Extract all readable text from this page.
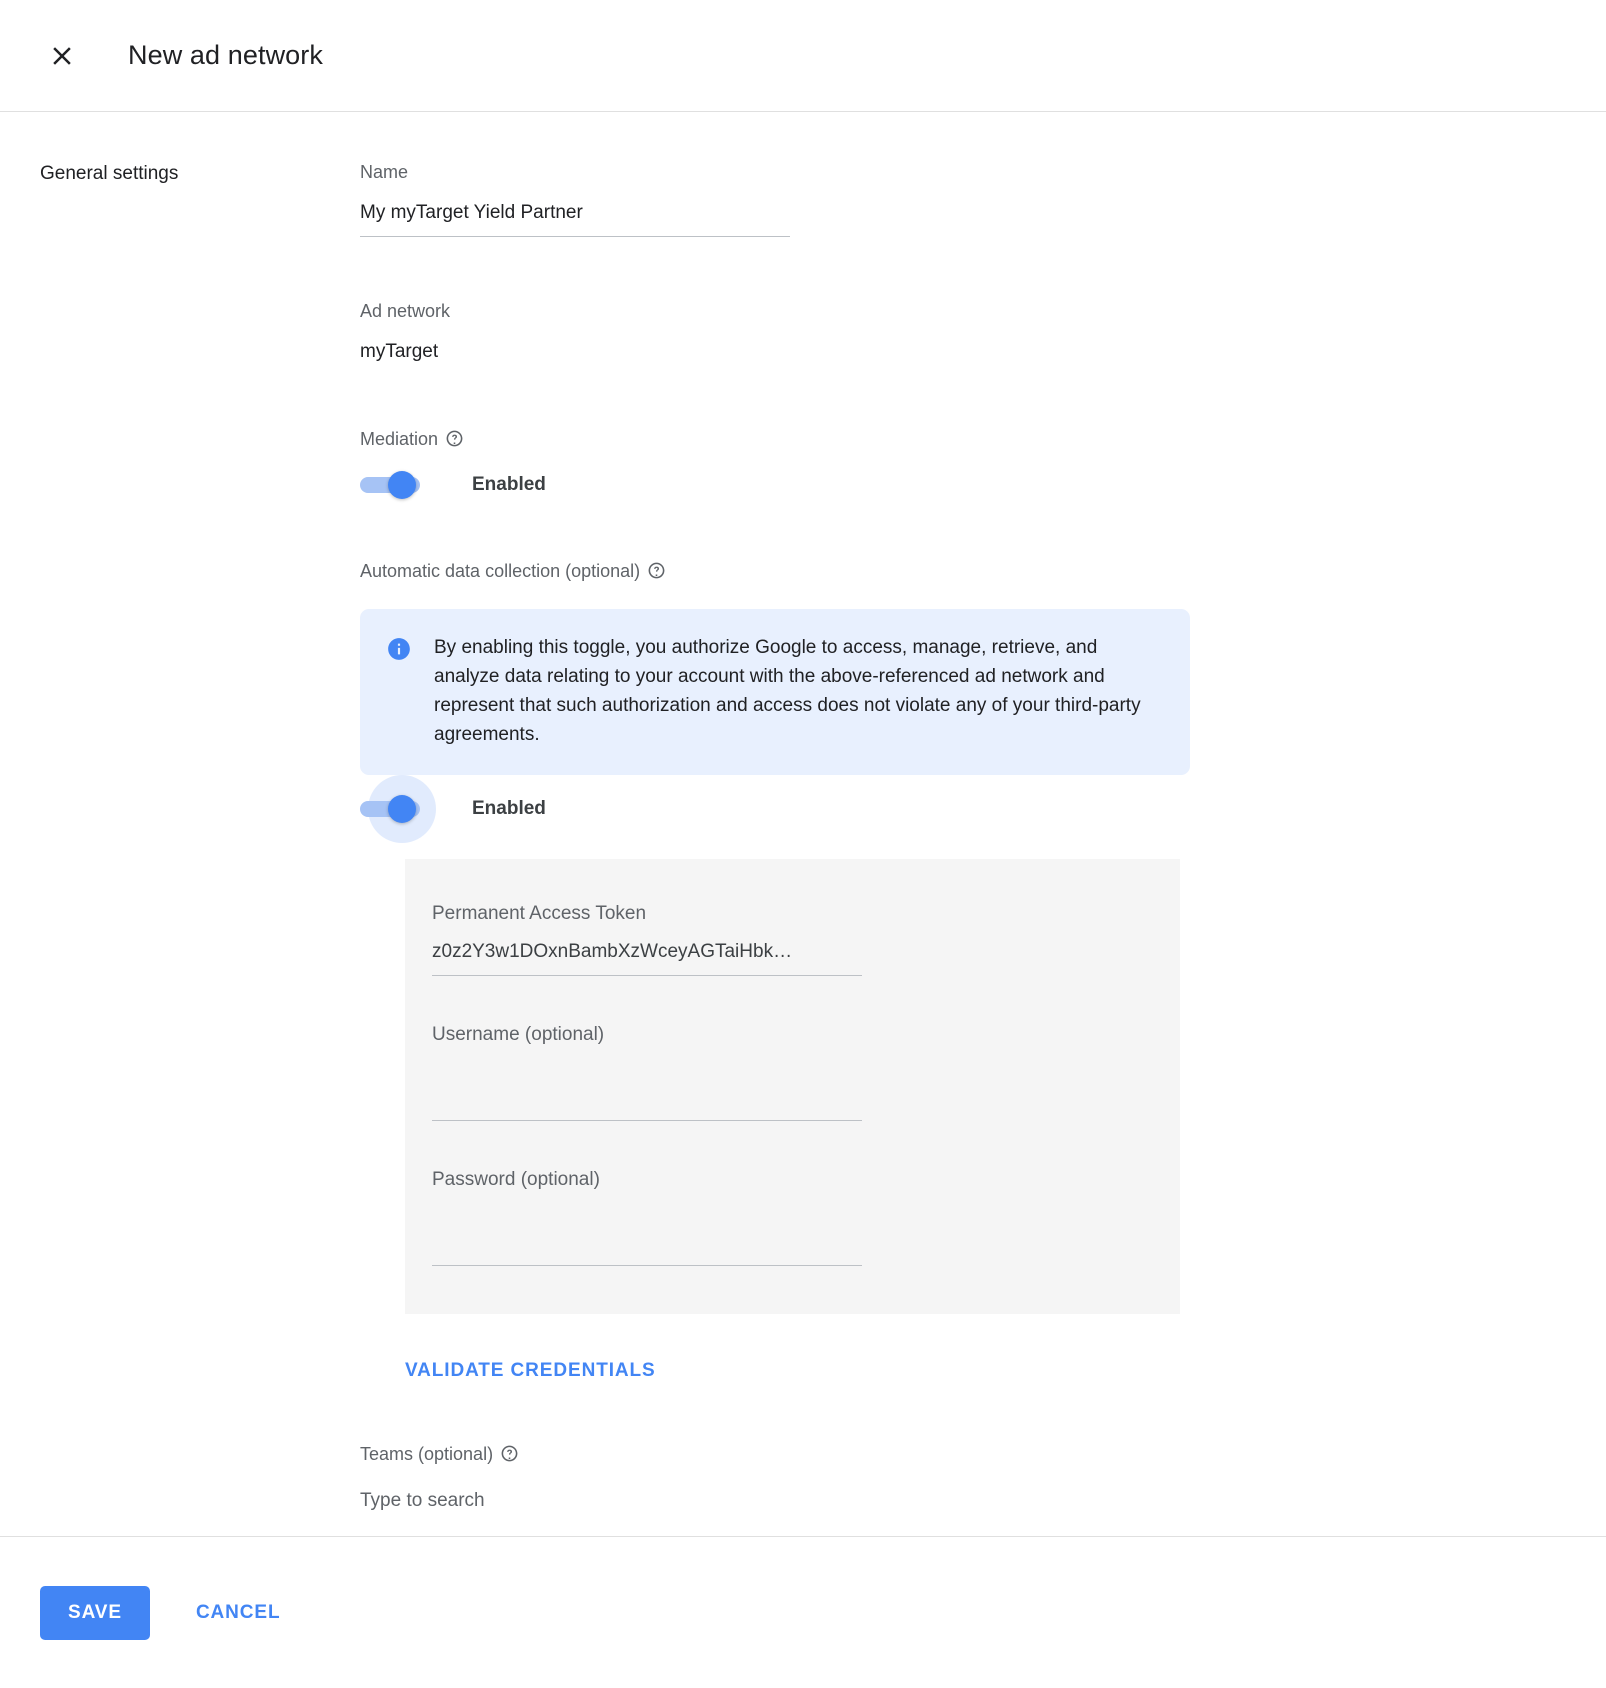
New ad network
General settings	Name
My myTarget Yield Partner
Ad network
myTarget
Mediation
Enabled
Automatic data collection (optional)
By enabling this toggle, you authorize Google to access, manage, retrieve, and analyze data relating to your account with the above-referenced ad network and represent that such authorization and access does not violate any of your third-party agreements.
Enabled
Permanent Access Token
z0z2Y3w1DOxnBambXzWceyAGTaiHbk…
Username (optional)

Password (optional)

VALIDATE CREDENTIALS
Teams (optional)
Type to search
SAVE	CANCEL
